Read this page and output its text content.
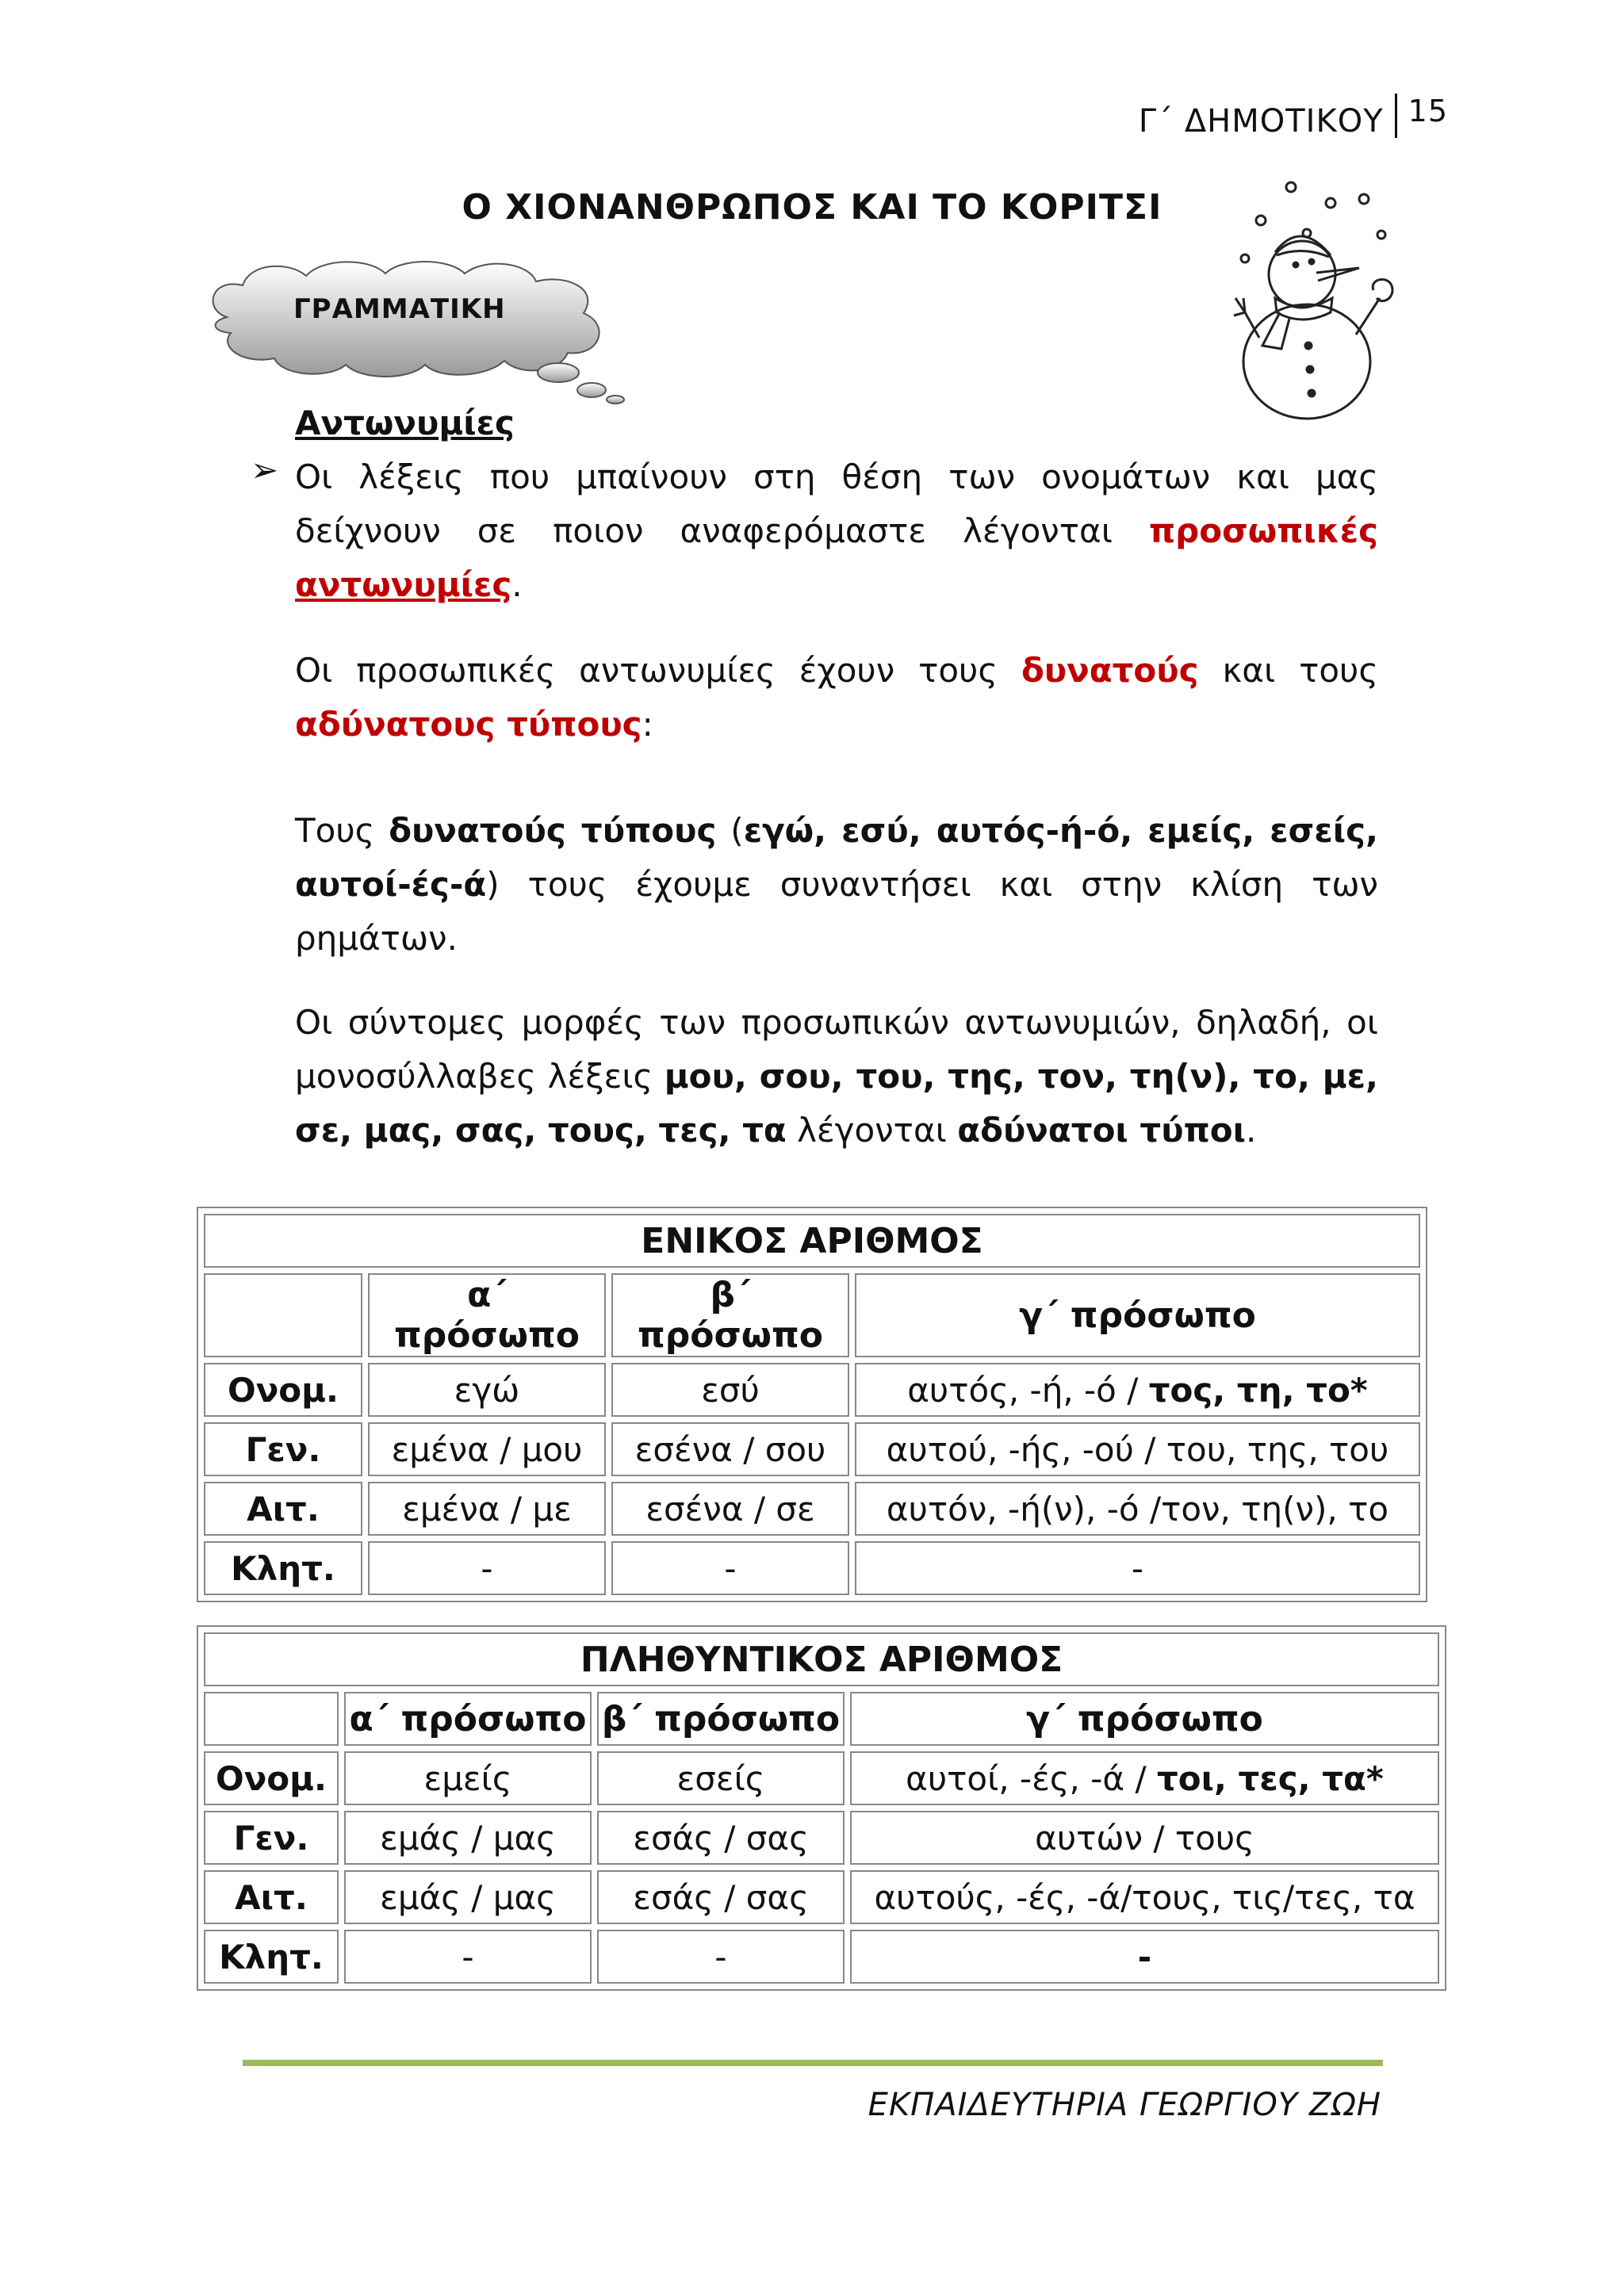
Γ΄ ΔΗΜΟΤΙΚΟΥ 15
Ο ΧΙΟΝΑΝΘΡΩΠΟΣ ΚΑΙ ΤΟ ΚΟΡΙΤΣΙ
ΓΡΑΜΜΑΤΙΚΗ
Αντωνυμίες
➢ Οι λέξεις που μπαίνουν στη θέση των ονομάτων και μας
δείχνουν σε ποιον αναφερόμαστε λέγονται προσωπικές
αντωνυμίες.
Οι προσωπικές αντωνυμίες έχουν τους δυνατούς και τους
αδύνατους τύπους:
Τους δυνατούς τύπους (εγώ, εσύ, αυτός-ή-ό, εμείς, εσείς,
αυτοί-ές-ά) τους έχουμε συναντήσει και στην κλίση των
ρημάτων.
Οι σύντομες μορφές των προσωπικών αντωνυμιών, δηλαδή, οι
μονοσύλλαβες λέξεις μου, σου, του, της, τον, τη(ν), το, με,
σε, μας, σας, τους, τες, τα λέγονται αδύνατοι τύποι.
ΕΝΙΚΟΣ ΑΡΙΘΜΟΣ			
	α΄ πρόσωπο	β΄ πρόσωπο	γ΄ πρόσωπο
Ονομ.	εγώ	εσύ	αυτός, -ή, -ό / τος, τη, το*
Γεν.	εμένα / μου	εσένα / σου	αυτού, -ής, -ού / του, της, του
Αιτ.	εμένα / με	εσένα / σε	αυτόν, -ή(ν), -ό /τον, τη(ν), το
Κλητ.	-	-	-
ΠΛΗΘΥΝΤΙΚΟΣ ΑΡΙΘΜΟΣ			
	α΄ πρόσωπο	β΄ πρόσωπο	γ΄ πρόσωπο
Ονομ.	εμείς	εσείς	αυτοί, -ές, -ά / τοι, τες, τα*
Γεν.	εμάς / μας	εσάς / σας	αυτών / τους
Αιτ.	εμάς / μας	εσάς / σας	αυτούς, -ές, -ά/τους, τις/τες, τα
Κλητ.	-	-	-
ΕΚΠΑΙΔΕΥΤΗΡΙΑ ΓΕΩΡΓΙΟΥ ΖΩΗ
